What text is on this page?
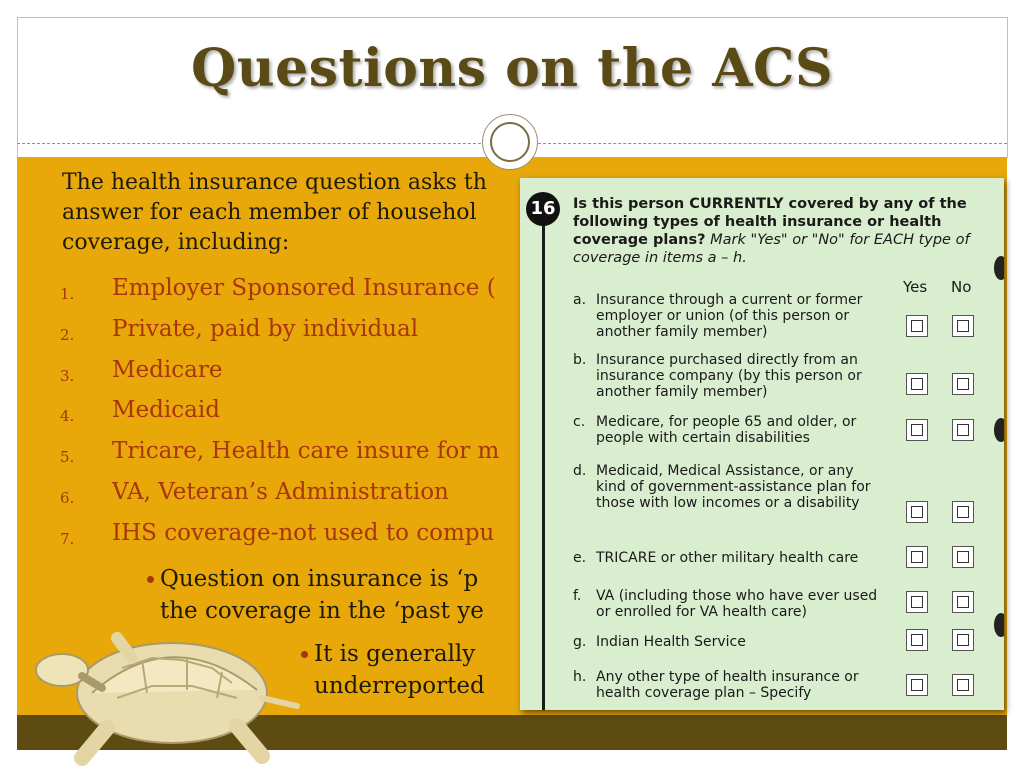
Questions on the ACS
The health insurance question asks th
answer for each member of househol
coverage, including:
1. Employer Sponsored Insurance (
2. Private, paid by individual
3. Medicare
4. Medicaid
5. Tricare, Health care insure for m
6. VA, Veteran’s Administration
7. IHS coverage-not used to compu
Question on insurance is ‘p
the coverage in the ‘past ye
It is generally
underreported
16	Is this person CURRENTLY covered by any of the following types of health insurance or health coverage plans? Mark "Yes" or "No" for EACH type of coverage in items a – h.
Yes No
a. Insurance through a current or former employer or union (of this person or another family member)
b. Insurance purchased directly from an insurance company (by this person or another family member)
c. Medicare, for people 65 and older, or people with certain disabilities
d. Medicaid, Medical Assistance, or any kind of government-assistance plan for those with low incomes or a disability
e. TRICARE or other military health care
f. VA (including those who have ever used or enrolled for VA health care)
g. Indian Health Service
h. Any other type of health insurance or health coverage plan – Specify
